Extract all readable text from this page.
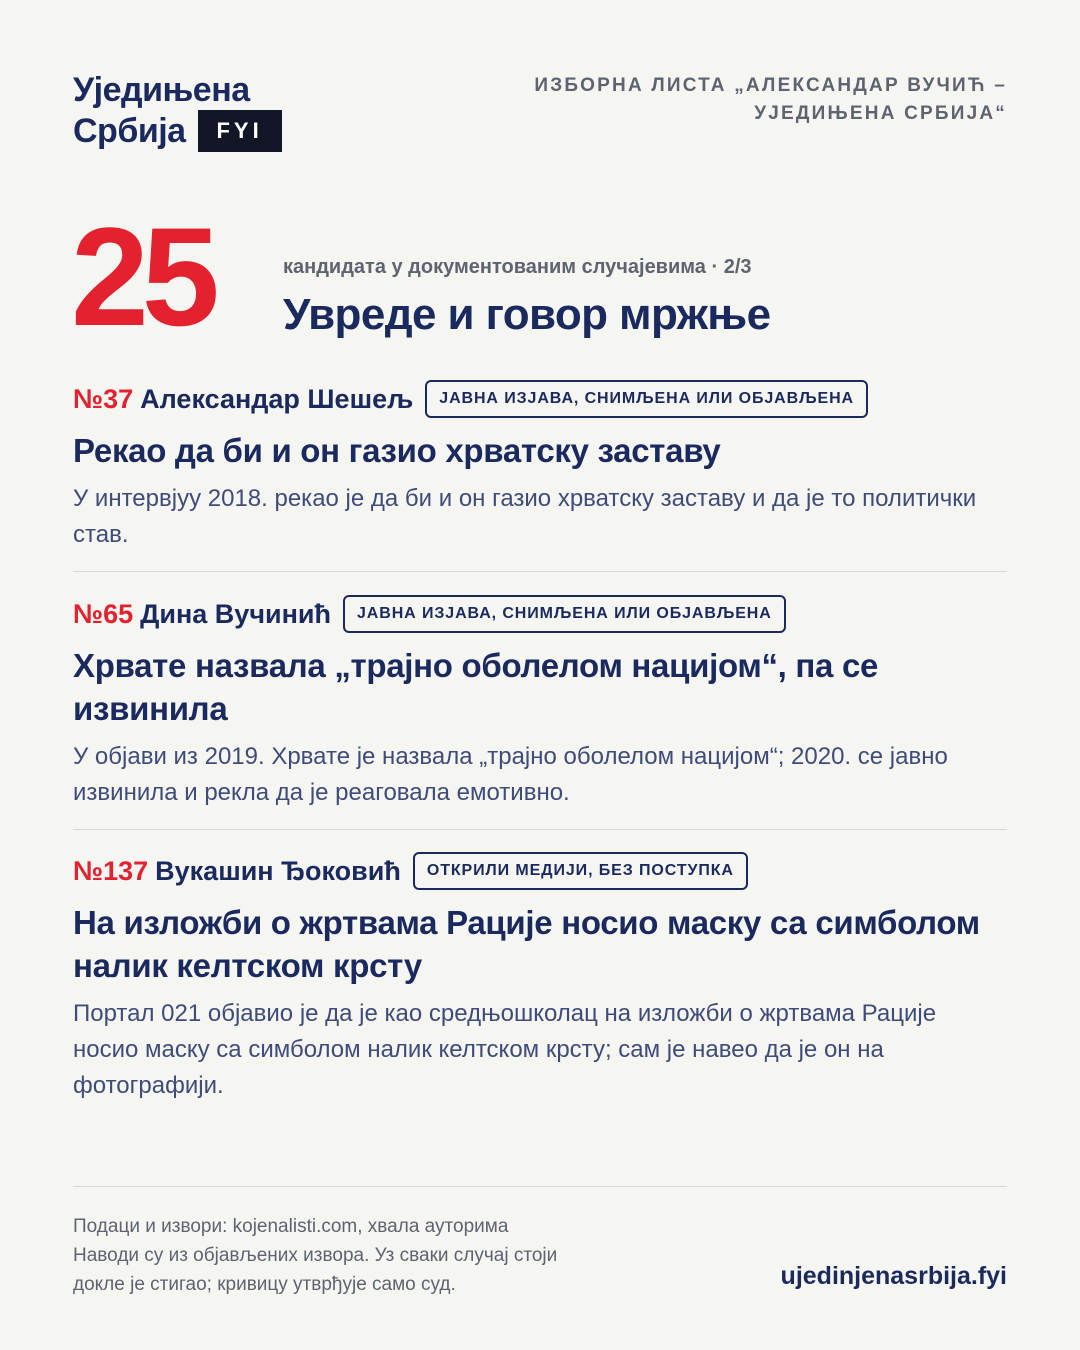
Уједињена
Србија	FYI
ИЗБОРНА ЛИСТА „АЛЕКСАНДАР ВУЧИЋ –
УЈЕДИЊЕНА СРБИЈА“
25	кандидата у документованим случајевима · 2/3
Увреде и говор мржње
№37 Александар Шешељ	ЈАВНА ИЗЈАВА, СНИМЉЕНА ИЛИ ОБЈАВЉЕНА
Рекао да би и он газио хрватску заставу
У интервјуу 2018. рекао је да би и он газио хрватску заставу и да је то политички став.
№65 Дина Вучинић	ЈАВНА ИЗЈАВА, СНИМЉЕНА ИЛИ ОБЈАВЉЕНА
Хрвате назвала „трајно оболелом нацијом“, па се извинила
У објави из 2019. Хрвате је назвала „трајно оболелом нацијом“; 2020. се јавно извинила и рекла да је реаговала емотивно.
№137 Вукашин Ђоковић	ОТКРИЛИ МЕДИЈИ, БЕЗ ПОСТУПКА
На изложби о жртвама Рације носио маску са симболом налик келтском крсту
Портал 021 објавио је да је као средњошколац на изложби о жртвама Рације носио маску са симболом налик келтском крсту; сам је навео да је он на фотографији.
Подаци и извори: kojenalisti.com, хвала ауторима
Наводи су из објављених извора. Уз сваки случај стоји
докле је стигао; кривицу утврђује само суд.	ujedinjenasrbija.fyi
